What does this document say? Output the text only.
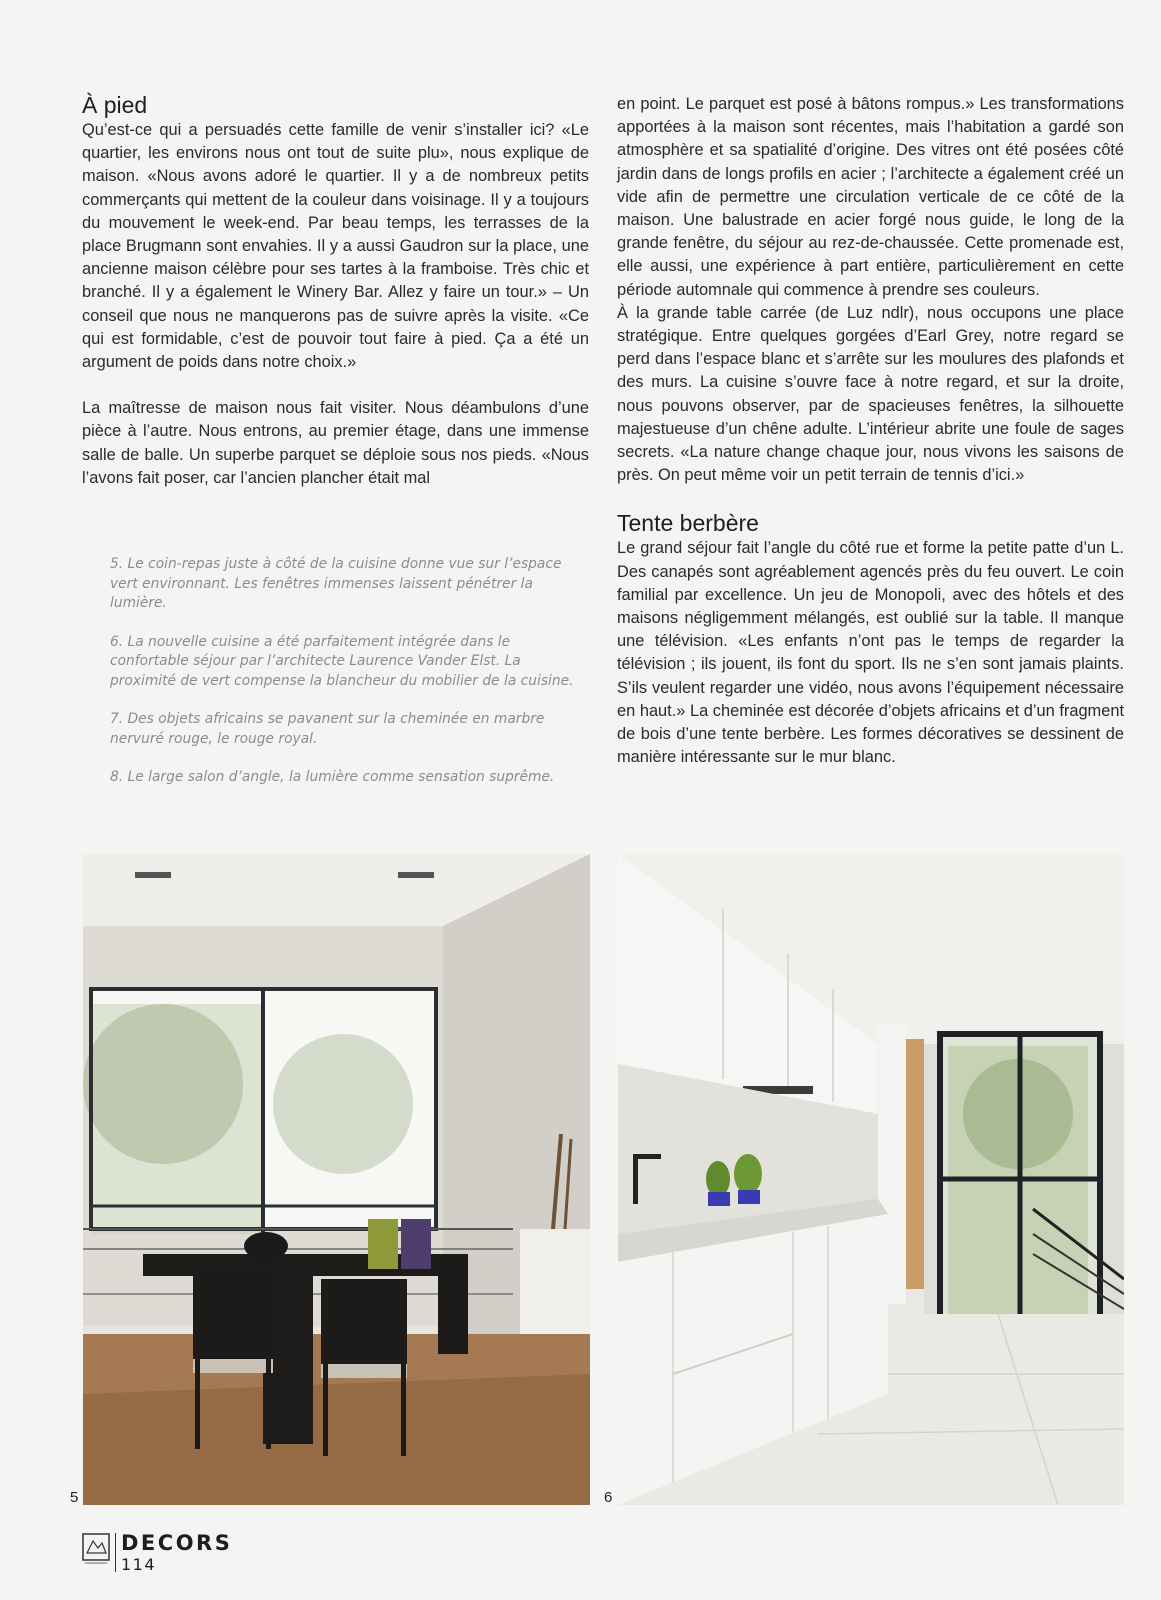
À pied

Qu’est-ce qui a persuadés cette famille de venir s’installer ici? «Le quartier, les environs nous ont tout de suite plu», nous explique de maison. «Nous avons adoré le quartier. Il y a de nombreux petits commerçants qui mettent de la couleur dans voisinage. Il y a toujours du mouvement le week-end. Par beau temps, les terrasses de la place Brugmann sont envahies. Il y a aussi Gaudron sur la place, une ancienne maison célèbre pour ses tartes à la framboise. Très chic et branché. Il y a également le Winery Bar. Allez y faire un tour.» – Un conseil que nous ne manquerons pas de suivre après la visite. «Ce qui est formidable, c’est de pouvoir tout faire à pied. Ça a été un argument de poids dans notre choix.»

La maîtresse de maison nous fait visiter. Nous déambulons d’une pièce à l’autre. Nous entrons, au premier étage, dans une immense salle de balle. Un superbe parquet se déploie sous nos pieds. «Nous l’avons fait poser, car l’ancien plancher était mal

5. Le coin-repas juste à côté de la cuisine donne vue sur l’espace vert environnant. Les fenêtres immenses laissent pénétrer la lumière.

6. La nouvelle cuisine a été parfaitement intégrée dans le confortable séjour par l’architecte Laurence Vander Elst. La proximité de vert compense la blancheur du mobilier de la cuisine.

7. Des objets africains se pavanent sur la cheminée en marbre nervuré rouge, le rouge royal.

8. Le large salon d’angle, la lumière comme sensation suprême.

en point. Le parquet est posé à bâtons rompus.» Les transformations apportées à la maison sont récentes, mais l’habitation a gardé son atmosphère et sa spatialité d’origine. Des vitres ont été posées côté jardin dans de longs profils en acier ; l’architecte a également créé un vide afin de permettre une circulation verticale de ce côté de la maison. Une balustrade en acier forgé nous guide, le long de la grande fenêtre, du séjour au rez-de-chaussée. Cette promenade est, elle aussi, une expérience à part entière, particulièrement en cette période automnale qui commence à prendre ses couleurs.

À la grande table carrée (de Luz ndlr), nous occupons une place stratégique. Entre quelques gorgées d’Earl Grey, notre regard se perd dans l’espace blanc et s’arrête sur les moulures des plafonds et des murs. La cuisine s’ouvre face à notre regard, et sur la droite, nous pouvons observer, par de spacieuses fenêtres, la silhouette majestueuse d’un chêne adulte. L’intérieur abrite une foule de sages secrets. «La nature change chaque jour, nous vivons les saisons de près. On peut même voir un petit terrain de tennis d’ici.»

Tente berbère

Le grand séjour fait l’angle du côté rue et forme la petite patte d’un L. Des canapés sont agréablement agencés près du feu ouvert. Le coin familial par excellence. Un jeu de Monopoli, avec des hôtels et des maisons négligemment mélangés, est oublié sur la table. Il manque une télévision. «Les enfants n’ont pas le temps de regarder la télévision ; ils jouent, ils font du sport. Ils ne s’en sont jamais plaints. S’ils veulent regarder une vidéo, nous avons l’équipement nécessaire en haut.» La cheminée est décorée d’objets africains et d’un fragment de bois d’une tente berbère. Les formes décoratives se dessinent de manière intéressante sur le mur blanc.

5	6
DECORS
114
